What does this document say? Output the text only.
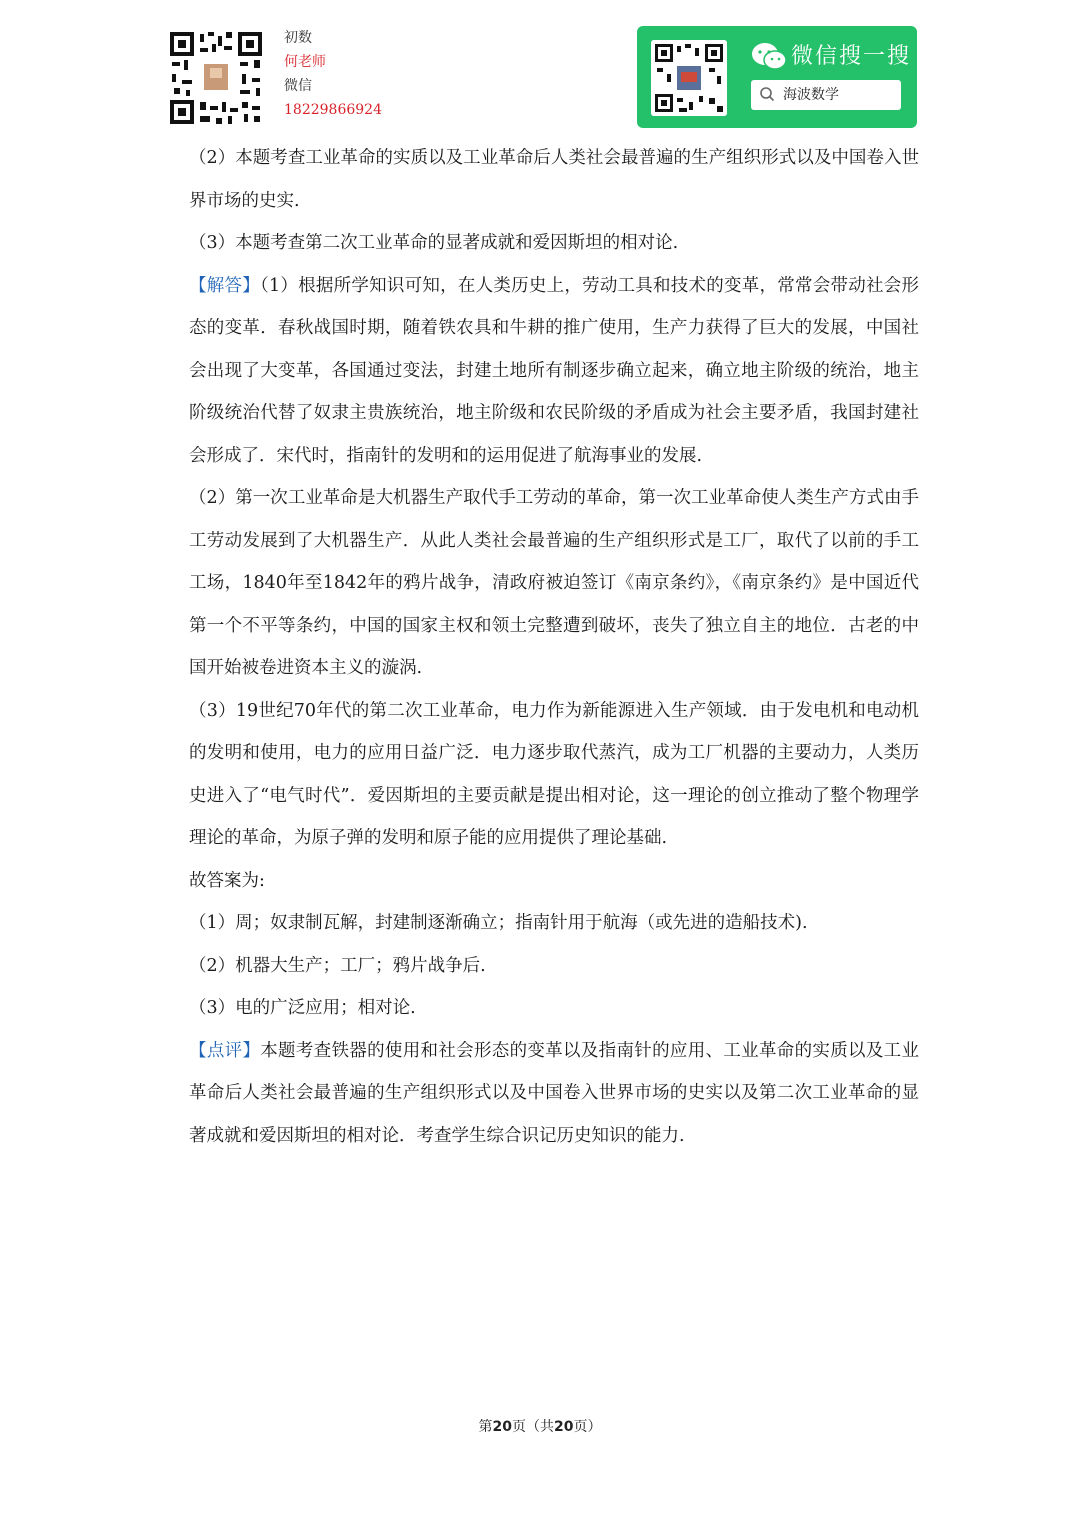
初数
何老师
微信
18229866924
微信搜一搜
海波数学
（2）本题考查工业革命的实质以及工业革命后人类社会最普遍的生产组织形式以及中国卷入世界市场的史实.
（3）本题考查第二次工业革命的显著成就和爱因斯坦的相对论.
【解答】（1）根据所学知识可知，在人类历史上，劳动工具和技术的变革，常常会带动社会形态的变革．春秋战国时期，随着铁农具和牛耕的推广使用，生产力获得了巨大的发展，中国社会出现了大变革，各国通过变法，封建土地所有制逐步确立起来，确立地主阶级的统治，地主阶级统治代替了奴隶主贵族统治，地主阶级和农民阶级的矛盾成为社会主要矛盾，我国封建社会形成了．宋代时，指南针的发明和的运用促进了航海事业的发展.
（2）第一次工业革命是大机器生产取代手工劳动的革命，第一次工业革命使人类生产方式由手工劳动发展到了大机器生产．从此人类社会最普遍的生产组织形式是工厂，取代了以前的手工工场，1840年至1842年的鸦片战争，清政府被迫签订《南京条约》，《南京条约》是中国近代第一个不平等条约，中国的国家主权和领土完整遭到破坏，丧失了独立自主的地位．古老的中国开始被卷进资本主义的漩涡.
（3）19世纪70年代的第二次工业革命，电力作为新能源进入生产领域．由于发电机和电动机的发明和使用，电力的应用日益广泛．电力逐步取代蒸汽，成为工厂机器的主要动力，人类历史进入了“电气时代”．爱因斯坦的主要贡献是提出相对论，这一理论的创立推动了整个物理学理论的革命，为原子弹的发明和原子能的应用提供了理论基础.
故答案为:
（1）周；奴隶制瓦解，封建制逐渐确立；指南针用于航海（或先进的造船技术).
（2）机器大生产；工厂；鸦片战争后.
（3）电的广泛应用；相对论.
【点评】本题考查铁器的使用和社会形态的变革以及指南针的应用、工业革命的实质以及工业革命后人类社会最普遍的生产组织形式以及中国卷入世界市场的史实以及第二次工业革命的显著成就和爱因斯坦的相对论．考查学生综合识记历史知识的能力.
第20页（共20页）
